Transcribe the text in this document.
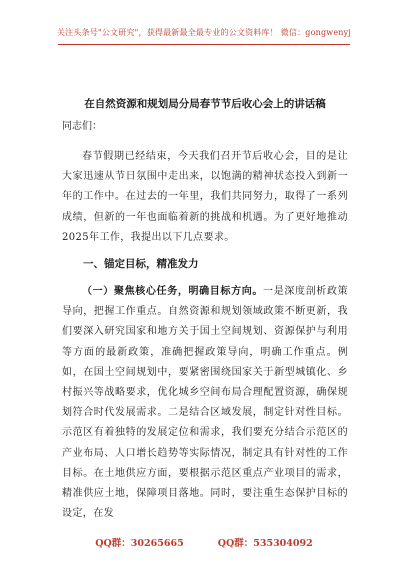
关注头条号"公文研究"，获得最新最全最专业的公文资料库！ 微信：gongwenyj
在自然资源和规划局分局春节节后收心会上的讲话稿
同志们：

春节假期已经结束，今天我们召开节后收心会，目的是让大家迅速从节日氛围中走出来，以饱满的精神状态投入到新一年的工作中。在过去的一年里，我们共同努力，取得了一系列成绩，但新的一年也面临着新的挑战和机遇。为了更好地推动2025年工作，我提出以下几点要求。

一、锚定目标，精准发力

（一）聚焦核心任务，明确目标方向。一是深度剖析政策导向，把握工作重点。自然资源和规划领域政策不断更新，我们要深入研究国家和地方关于国土空间规划、资源保护与利用等方面的最新政策，准确把握政策导向，明确工作重点。例如，在国土空间规划中，要紧密围绕国家关于新型城镇化、乡村振兴等战略要求，优化城乡空间布局合理配置资源，确保规划符合时代发展需求。二是结合区域发展，制定针对性目标。示范区有着独特的发展定位和需求，我们要充分结合示范区的产业布局、人口增长趋势等实际情况，制定具有针对性的工作目标。在土地供应方面，要根据示范区重点产业项目的需求，精准供应土地，保障项目落地。同时，要注重生态保护目标的设定，在发

QQ群：30265665	QQ群：535304092
